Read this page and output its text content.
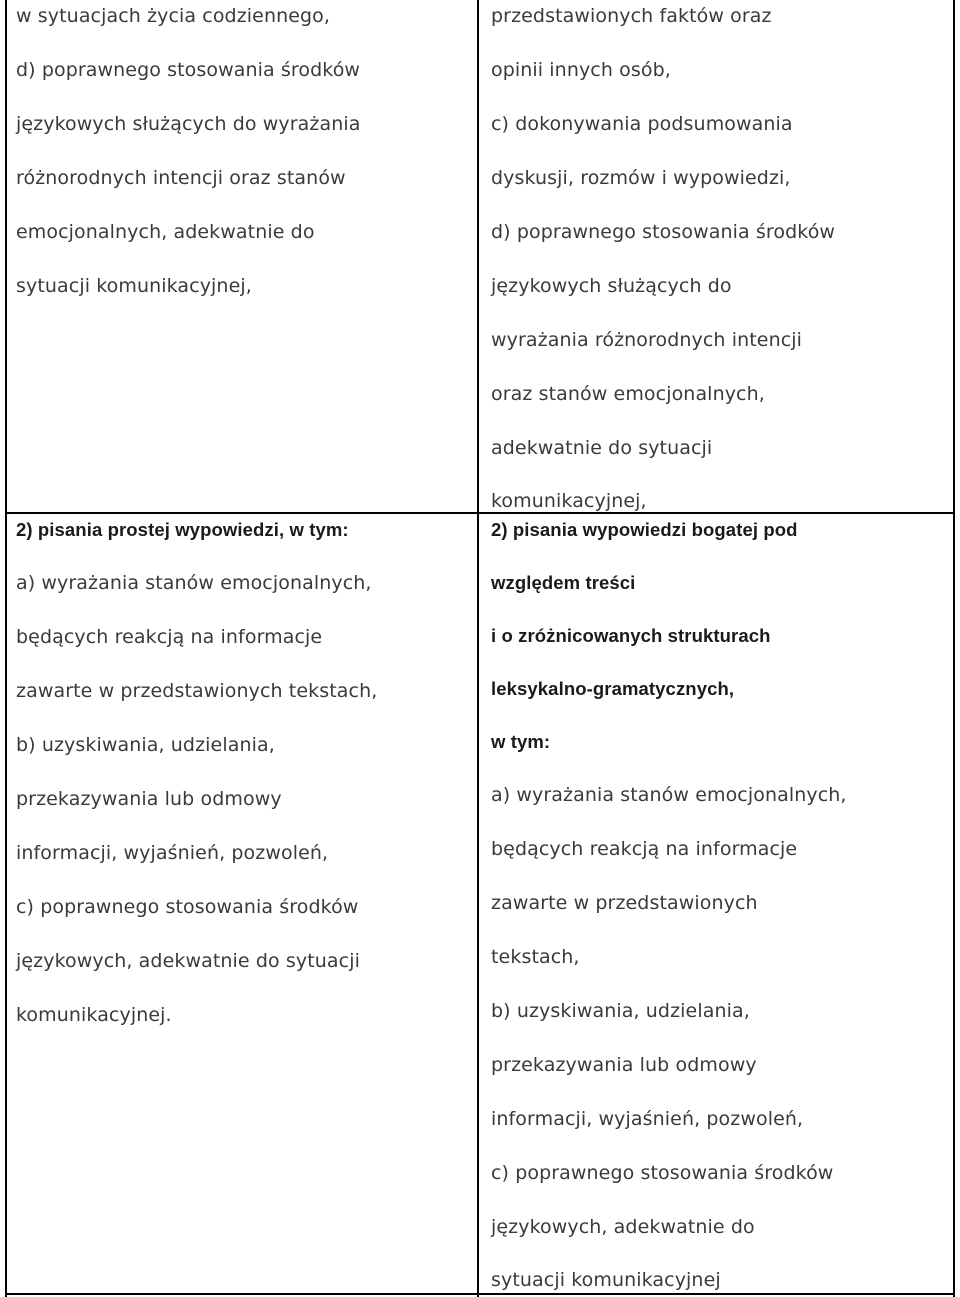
w sytuacjach życia codziennego,
d) poprawnego stosowania środków
językowych służących do wyrażania
różnorodnych intencji oraz stanów
emocjonalnych, adekwatnie do
sytuacji komunikacyjnej,
przedstawionych faktów oraz
opinii innych osób,
c) dokonywania podsumowania
dyskusji, rozmów i wypowiedzi,
d) poprawnego stosowania środków
językowych służących do
wyrażania różnorodnych intencji
oraz stanów emocjonalnych,
adekwatnie do sytuacji
komunikacyjnej,
2) pisania prostej wypowiedzi, w tym:
a) wyrażania stanów emocjonalnych,
będących reakcją na informacje
zawarte w przedstawionych tekstach,
b) uzyskiwania, udzielania,
przekazywania lub odmowy
informacji, wyjaśnień, pozwoleń,
c) poprawnego stosowania środków
językowych, adekwatnie do sytuacji
komunikacyjnej.
2) pisania wypowiedzi bogatej pod
względem treści
i o zróżnicowanych strukturach
leksykalno-gramatycznych,
w tym:
a) wyrażania stanów emocjonalnych,
będących reakcją na informacje
zawarte w przedstawionych
tekstach,
b) uzyskiwania, udzielania,
przekazywania lub odmowy
informacji, wyjaśnień, pozwoleń,
c) poprawnego stosowania środków
językowych, adekwatnie do
sytuacji komunikacyjnej
